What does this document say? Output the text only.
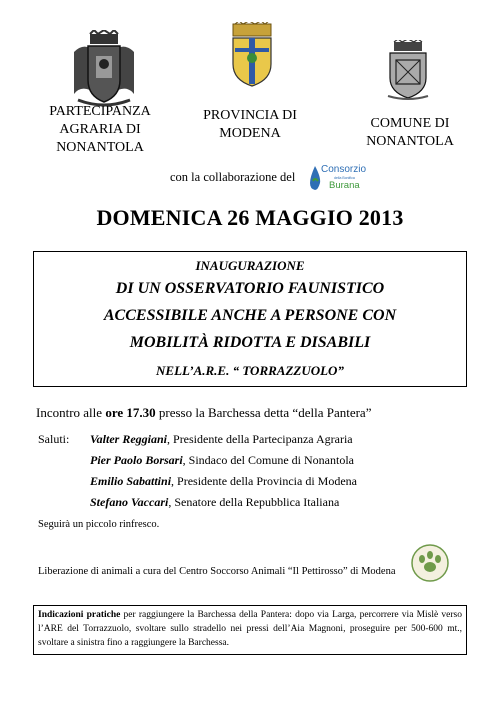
PARTECIPANZA
AGRARIA DI
NONANTOLA
PROVINCIA DI
MODENA
COMUNE DI
NONANTOLA
con la collaborazione del
Consorzio
della Bonifica
Burana
DOMENICA 26 MAGGIO 2013
INAUGURAZIONE
DI UN OSSERVATORIO FAUNISTICO
ACCESSIBILE ANCHE A PERSONE CON
MOBILITÀ RIDOTTA E DISABILI
NELL’A.R.E. “ TORRAZZUOLO”
Incontro alle ore 17.30 presso la Barchessa detta “della Pantera”
Saluti: Valter Reggiani, Presidente della Partecipanza Agraria
Pier Paolo Borsari, Sindaco del Comune di Nonantola
Emilio Sabattini, Presidente della Provincia di Modena
Stefano Vaccari, Senatore della Repubblica Italiana
Seguirà un piccolo rinfresco.
Liberazione di animali a cura del Centro Soccorso Animali “Il Pettirosso” di Modena
Indicazioni pratiche per raggiungere la Barchessa della Pantera: dopo via Larga, percorrere via Mislè verso l’ARE del Torrazzuolo, svoltare sullo stradello nei pressi dell’Aia Magnoni, proseguire per 500-600 mt., svoltare a sinistra fino a raggiungere la Barchessa.
